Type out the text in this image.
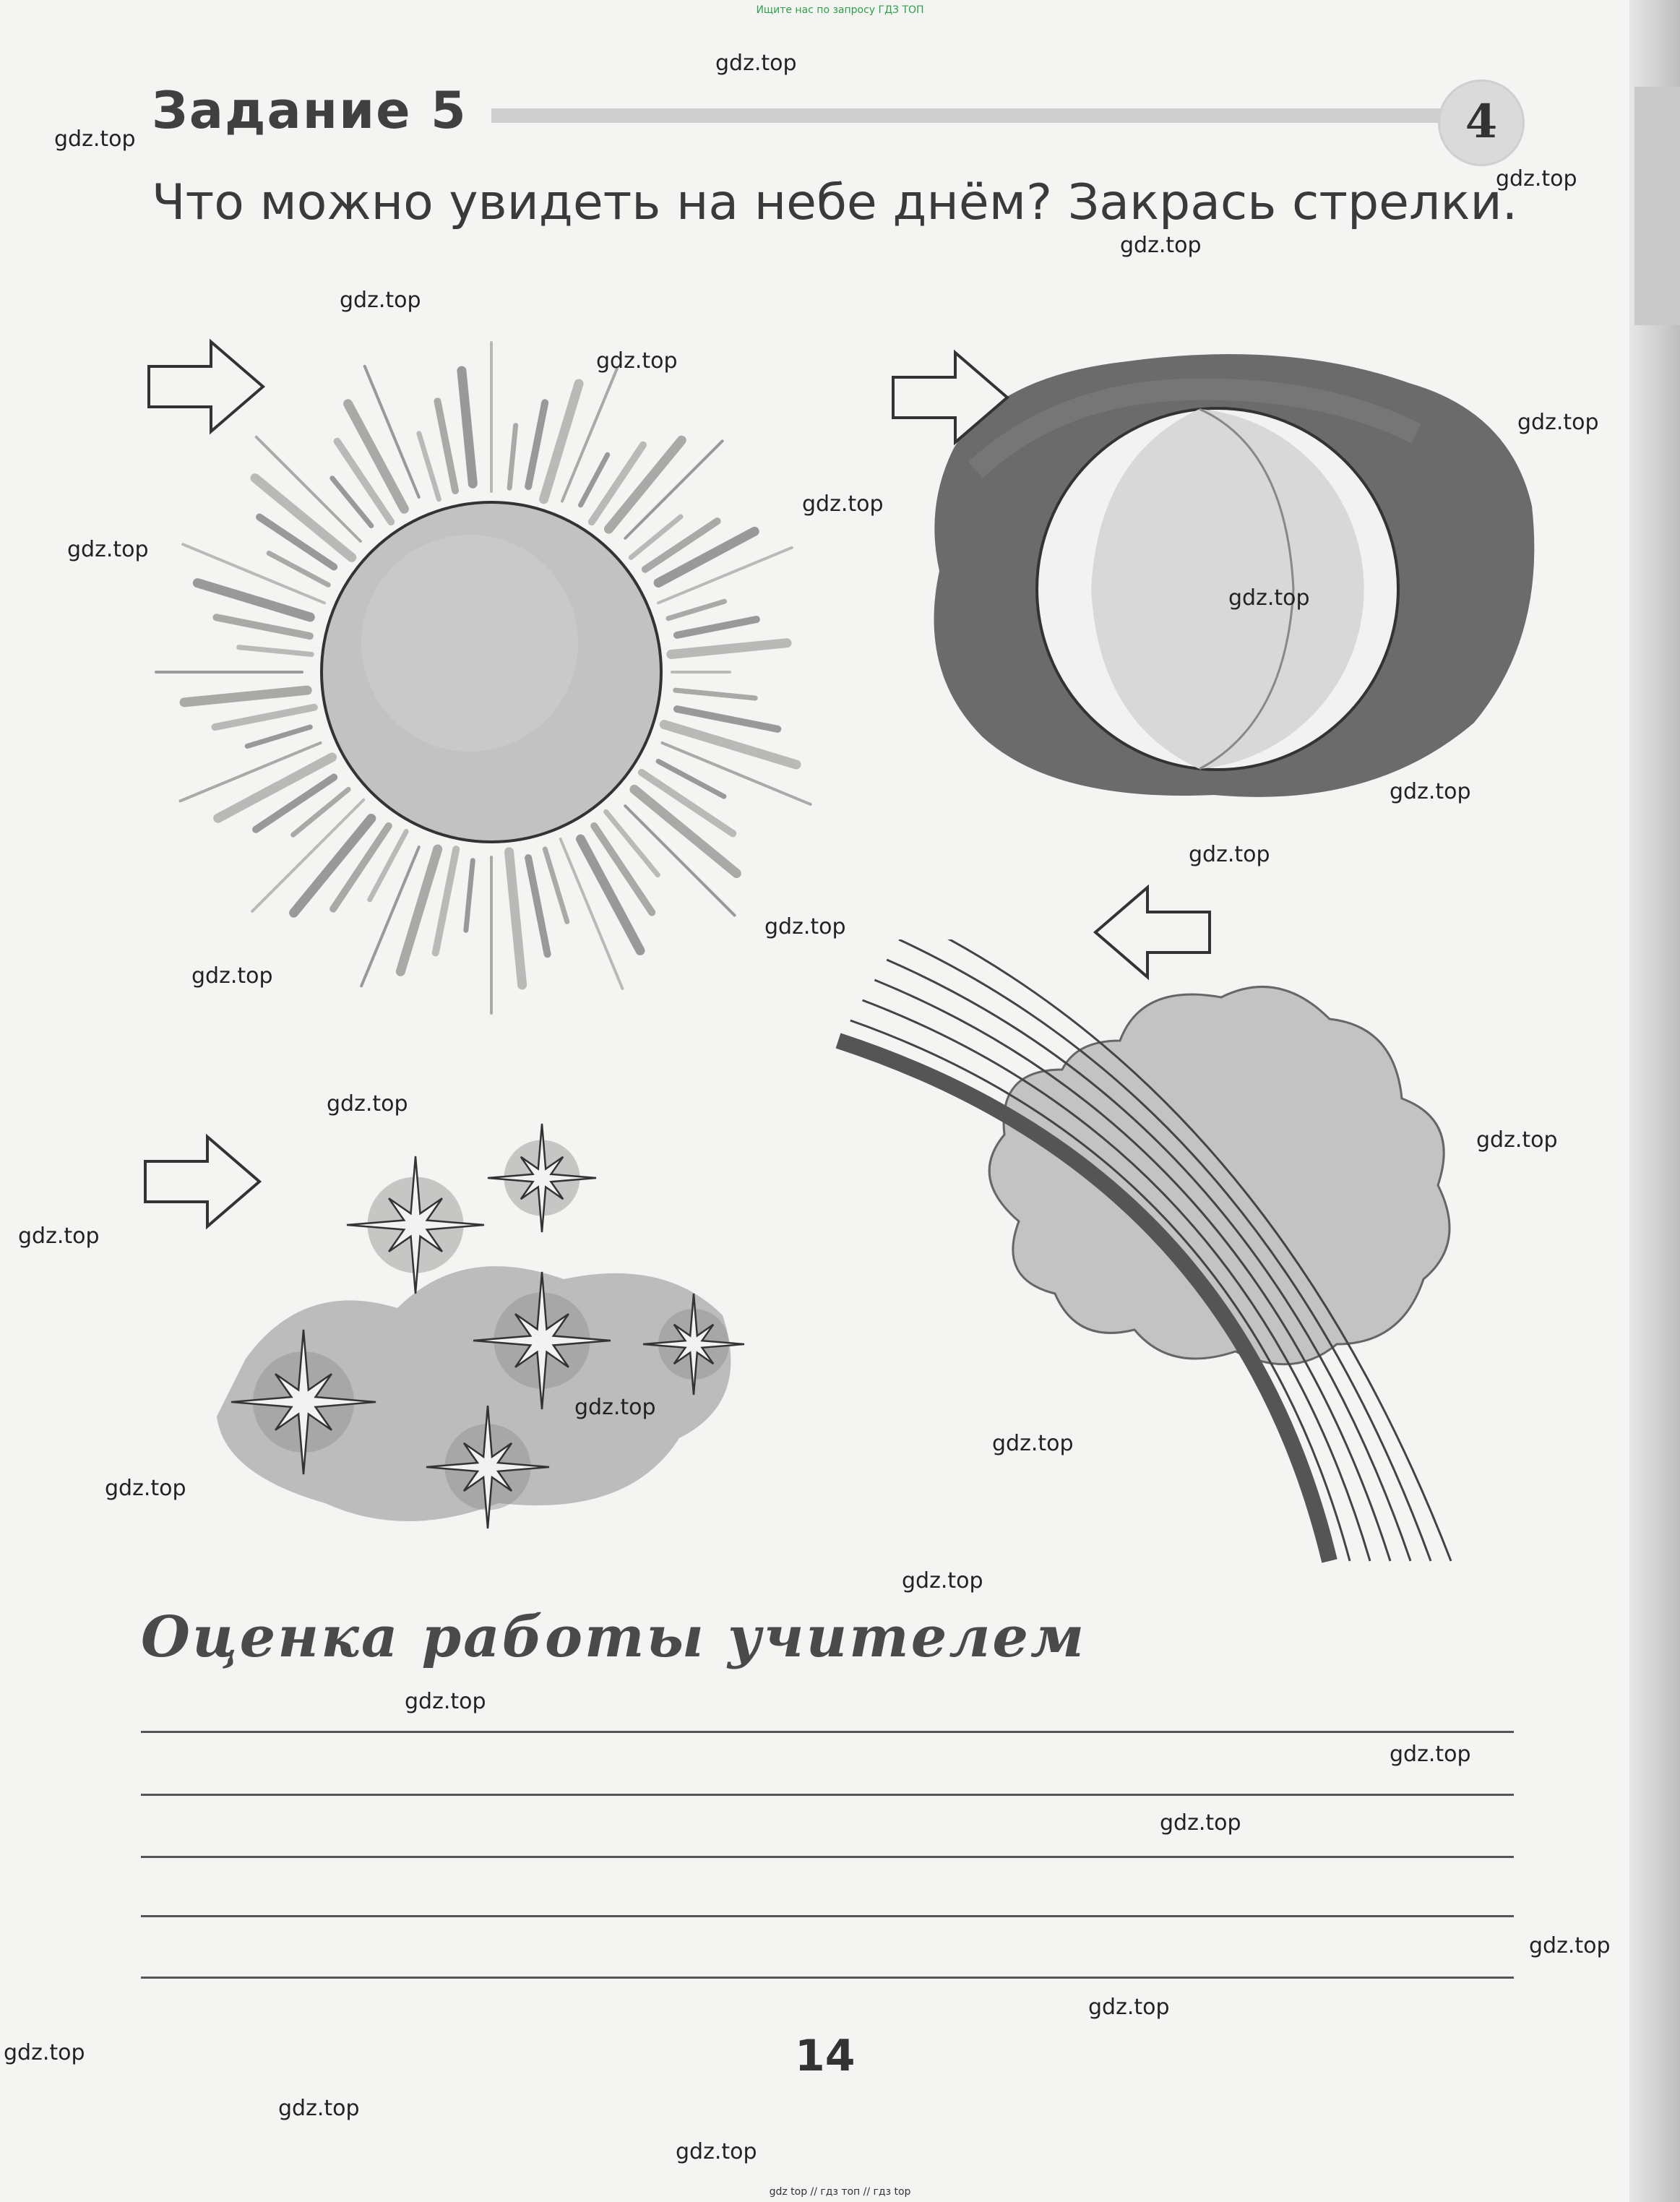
Ищите нас по запросу ГДЗ ТОП
Задание 5	4
Что можно увидеть на небе днём? Закрась стрелки.
Оценка работы учителем
14
gdz top // гдз топ // гдз top
gdz.top
gdz.top
gdz.top
gdz.top
gdz.top
gdz.top
gdz.top
gdz.top
gdz.top
gdz.top
gdz.top
gdz.top
gdz.top
gdz.top
gdz.top
gdz.top
gdz.top
gdz.top
gdz.top
gdz.top
gdz.top
gdz.top
gdz.top
gdz.top
gdz.top
gdz.top
gdz.top
gdz.top
gdz.top
